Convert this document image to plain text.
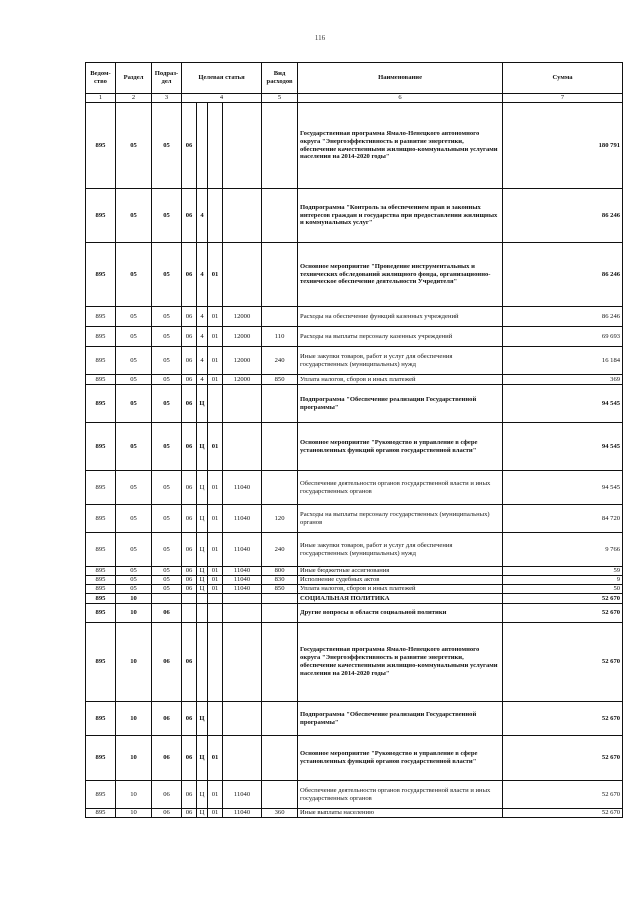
116
Ведом-
ство	Раздел	Подраз-
дел	Целевая статья				Вид
расходов	Наименование	Сумма
1	2	3	4				5	6	7
895	05	05	06					Государственная программа Ямало-Ненецкого автономного округа "Энергоэффективность и развитие энергетики, обеспечение качественными жилищно-коммунальными услугами населения на 2014-2020 годы"	180 791
895	05	05	06	4				Подпрограмма "Контроль за обеспечением прав и законных интересов граждан и государства при предоставлении жилищных и коммунальных услуг"	86 246
895	05	05	06	4	01			Основное мероприятие "Проведение инструментальных и технических обследований жилищного фонда, организационно-техническое обеспечение деятельности Учредителя"	86 246
895	05	05	06	4	01	12000		Расходы на обеспечение функций казенных учреждений	86 246
895	05	05	06	4	01	12000	110	Расходы на выплаты персоналу казенных учреждений	69 693
895	05	05	06	4	01	12000	240	Иные закупки товаров, работ и услуг для обеспечения государственных (муниципальных) нужд	16 184
895	05	05	06	4	01	12000	850	Уплата налогов, сборов и иных платежей	369
895	05	05	06	Ц				Подпрограмма "Обеспечение реализации Государственной программы"	94 545
895	05	05	06	Ц	01			Основное мероприятие "Руководство и управление в сфере установленных функций органов государственной власти"	94 545
895	05	05	06	Ц	01	11040		Обеспечение деятельности органов государственной власти и иных государственных органов	94 545
895	05	05	06	Ц	01	11040	120	Расходы на выплаты персоналу государственных (муниципальных) органов	84 720
895	05	05	06	Ц	01	11040	240	Иные закупки товаров, работ и услуг для обеспечения государственных (муниципальных) нужд	9 766
895	05	05	06	Ц	01	11040	800	Иные бюджетные ассигнования	59
895	05	05	06	Ц	01	11040	830	Исполнение судебных актов	9
895	05	05	06	Ц	01	11040	850	Уплата налогов, сборов и иных платежей	50
895	10							СОЦИАЛЬНАЯ ПОЛИТИКА	52 670
895	10	06						Другие вопросы в области социальной политики	52 670
895	10	06	06					Государственная программа Ямало-Ненецкого автономного округа "Энергоэффективность и развитие энергетики, обеспечение качественными жилищно-коммунальными услугами населения на 2014-2020 годы"	52 670
895	10	06	06	Ц				Подпрограмма "Обеспечение реализации Государственной программы"	52 670
895	10	06	06	Ц	01			Основное мероприятие "Руководство и управление в сфере установленных функций органов государственной власти"	52 670
895	10	06	06	Ц	01	11040		Обеспечение деятельности органов государственной власти и иных государственных органов	52 670
895	10	06	06	Ц	01	11040	360	Иные выплаты населению	52 670
